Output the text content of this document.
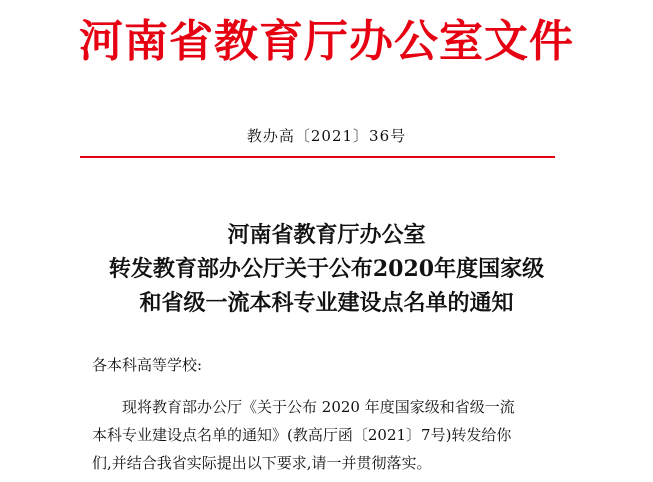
河南省教育厅办公室文件
教办高〔2021〕36号
河南省教育厅办公室
转发教育部办公厅关于公布2020年度国家级
和省级一流本科专业建设点名单的通知
各本科高等学校:
现将教育部办公厅《关于公布 2020 年度国家级和省级一流
本科专业建设点名单的通知》(教高厅函〔2021〕7号)转发给你
们,并结合我省实际提出以下要求,请一并贯彻落实。
